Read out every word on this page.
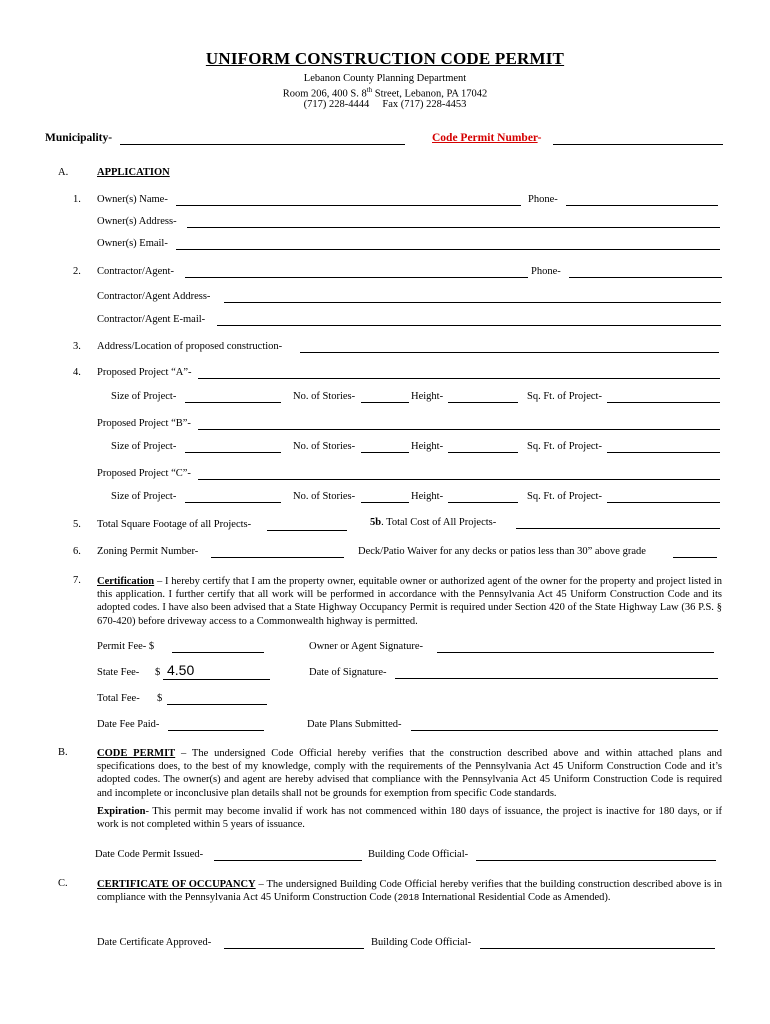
UNIFORM CONSTRUCTION CODE PERMIT
Lebanon County Planning Department
Room 206, 400 S. 8th Street, Lebanon, PA 17042
(717) 228-4444 Fax (717) 228-4453
Municipality-	Code Permit Number-
A.	APPLICATION
1. Owner(s) Name-	Phone-
Owner(s) Address-
Owner(s) Email-
2. Contractor/Agent-	Phone-
Contractor/Agent Address-
Contractor/Agent E-mail-
3. Address/Location of proposed construction-
4. Proposed Project “A”-
Size of Project-	No. of Stories-	Height-	Sq. Ft. of Project-
Proposed Project “B”-
Size of Project-	No. of Stories-	Height-	Sq. Ft. of Project-
Proposed Project “C”-
Size of Project-	No. of Stories-	Height-	Sq. Ft. of Project-
5. Total Square Footage of all Projects-	5b. Total Cost of All Projects-
6. Zoning Permit Number-	Deck/Patio Waiver for any decks or patios less than 30” above grade
7. Certification – I hereby certify that I am the property owner, equitable owner or authorized agent of the owner for the property and project listed in this application. I further certify that all work will be performed in accordance with the Pennsylvania Act 45 Uniform Construction Code and its adopted codes. I have also been advised that a State Highway Occupancy Permit is required under Section 420 of the State Highway Law (36 P.S. § 670-420) before driveway access to a Commonwealth highway is permitted.
Permit Fee- $	Owner or Agent Signature-
State Fee- $ 4.50	Date of Signature-
Total Fee- $
Date Fee Paid-	Date Plans Submitted-
B.	CODE PERMIT – The undersigned Code Official hereby verifies that the construction described above and within attached plans and specifications does, to the best of my knowledge, comply with the requirements of the Pennsylvania Act 45 Uniform Construction Code and it’s adopted codes. The owner(s) and agent are hereby advised that compliance with the Pennsylvania Act 45 Uniform Construction Code is required and incomplete or inconclusive plan details shall not be grounds for exemption from specific Code standards.
Expiration- This permit may become invalid if work has not commenced within 180 days of issuance, the project is inactive for 180 days, or if work is not completed within 5 years of issuance.
Date Code Permit Issued-	Building Code Official-
C.	CERTIFICATE OF OCCUPANCY – The undersigned Building Code Official hereby verifies that the building construction described above is in compliance with the Pennsylvania Act 45 Uniform Construction Code (2018 International Residential Code as Amended).
Date Certificate Approved-	Building Code Official-
